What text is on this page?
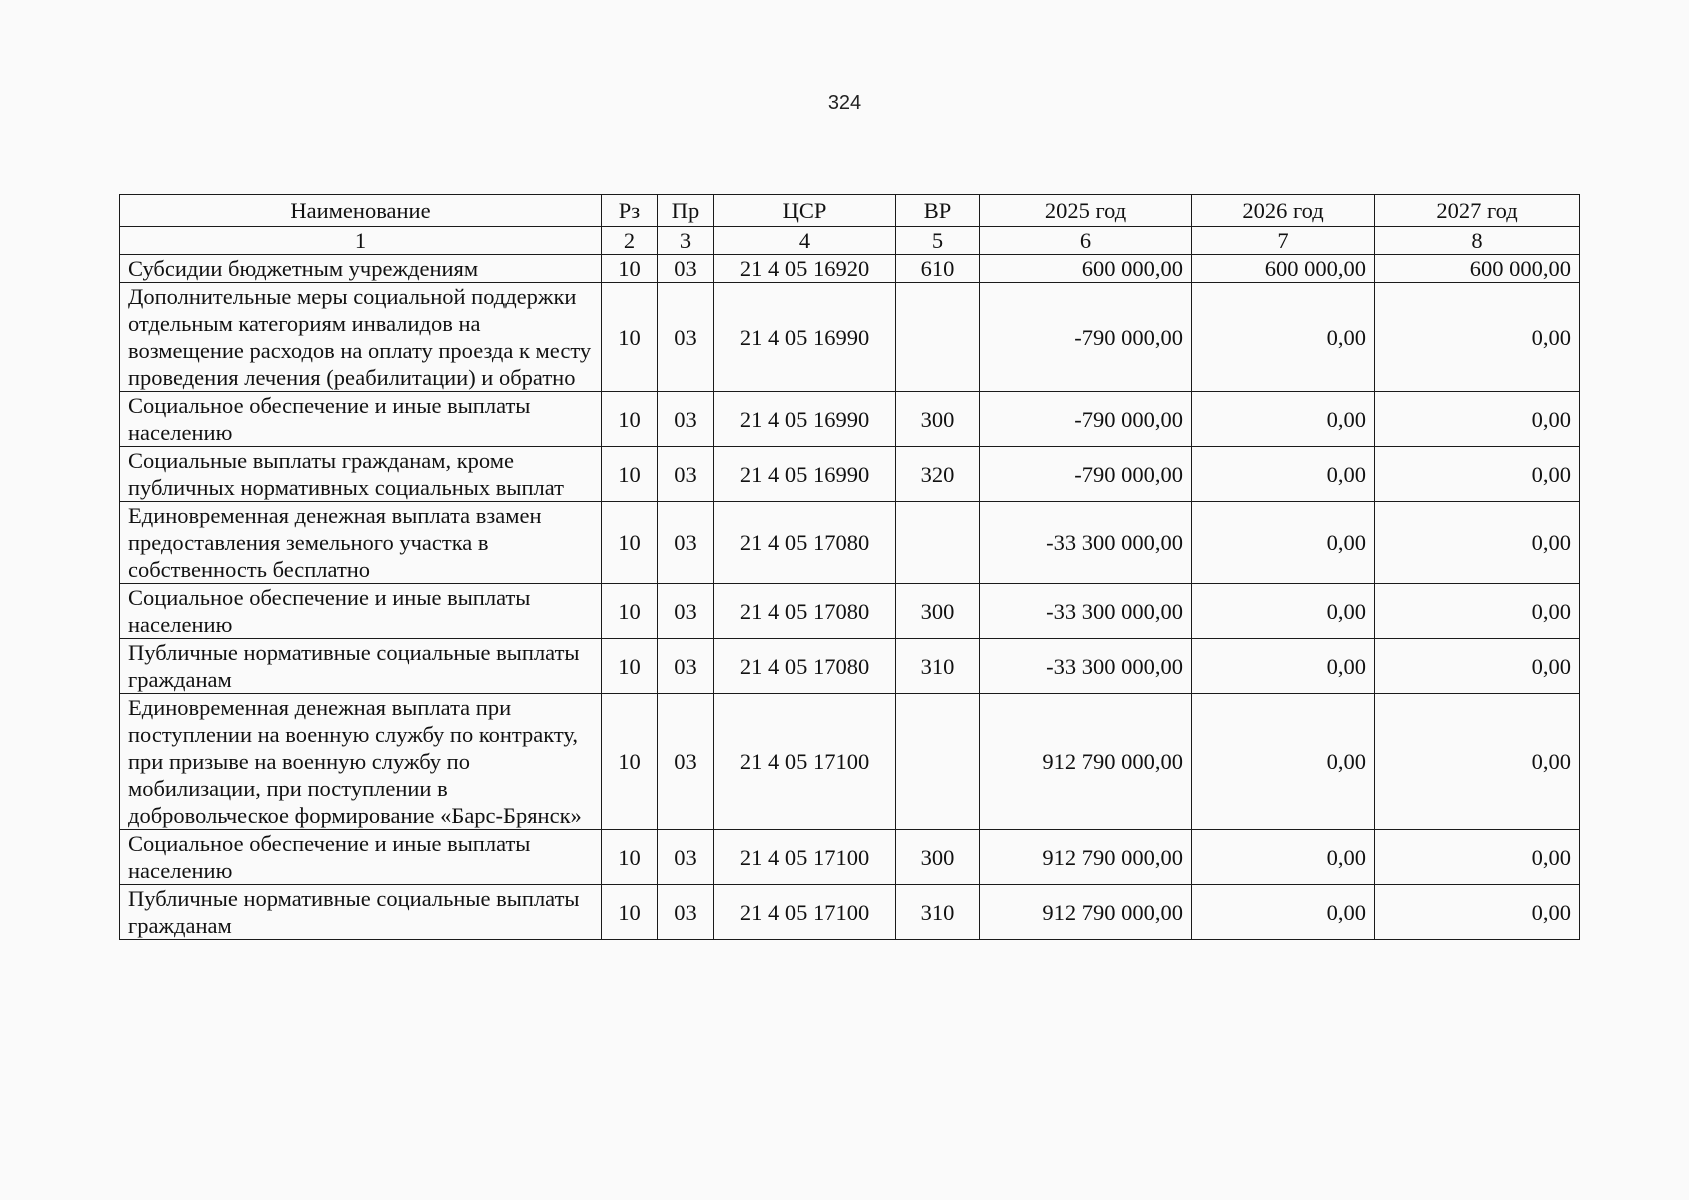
324
Наименование	Рз	Пр	ЦСР	ВР	2025 год	2026 год	2027 год
1	2	3	4	5	6	7	8
Субсидии бюджетным учреждениям	10	03	21 4 05 16920	610	600 000,00	600 000,00	600 000,00
Дополнительные меры социальной поддержки отдельным категориям инвалидов на возмещение расходов на оплату проезда к месту проведения лечения (реабилитации) и обратно	10	03	21 4 05 16990		-790 000,00	0,00	0,00
Социальное обеспечение и иные выплаты населению	10	03	21 4 05 16990	300	-790 000,00	0,00	0,00
Социальные выплаты гражданам, кроме публичных нормативных социальных выплат	10	03	21 4 05 16990	320	-790 000,00	0,00	0,00
Единовременная денежная выплата взамен предоставления земельного участка в собственность бесплатно	10	03	21 4 05 17080		-33 300 000,00	0,00	0,00
Социальное обеспечение и иные выплаты населению	10	03	21 4 05 17080	300	-33 300 000,00	0,00	0,00
Публичные нормативные социальные выплаты гражданам	10	03	21 4 05 17080	310	-33 300 000,00	0,00	0,00
Единовременная денежная выплата при поступлении на военную службу по контракту, при призыве на военную службу по мобилизации, при поступлении в добровольческое формирование «Барс-Брянск»	10	03	21 4 05 17100		912 790 000,00	0,00	0,00
Социальное обеспечение и иные выплаты населению	10	03	21 4 05 17100	300	912 790 000,00	0,00	0,00
Публичные нормативные социальные выплаты гражданам	10	03	21 4 05 17100	310	912 790 000,00	0,00	0,00
